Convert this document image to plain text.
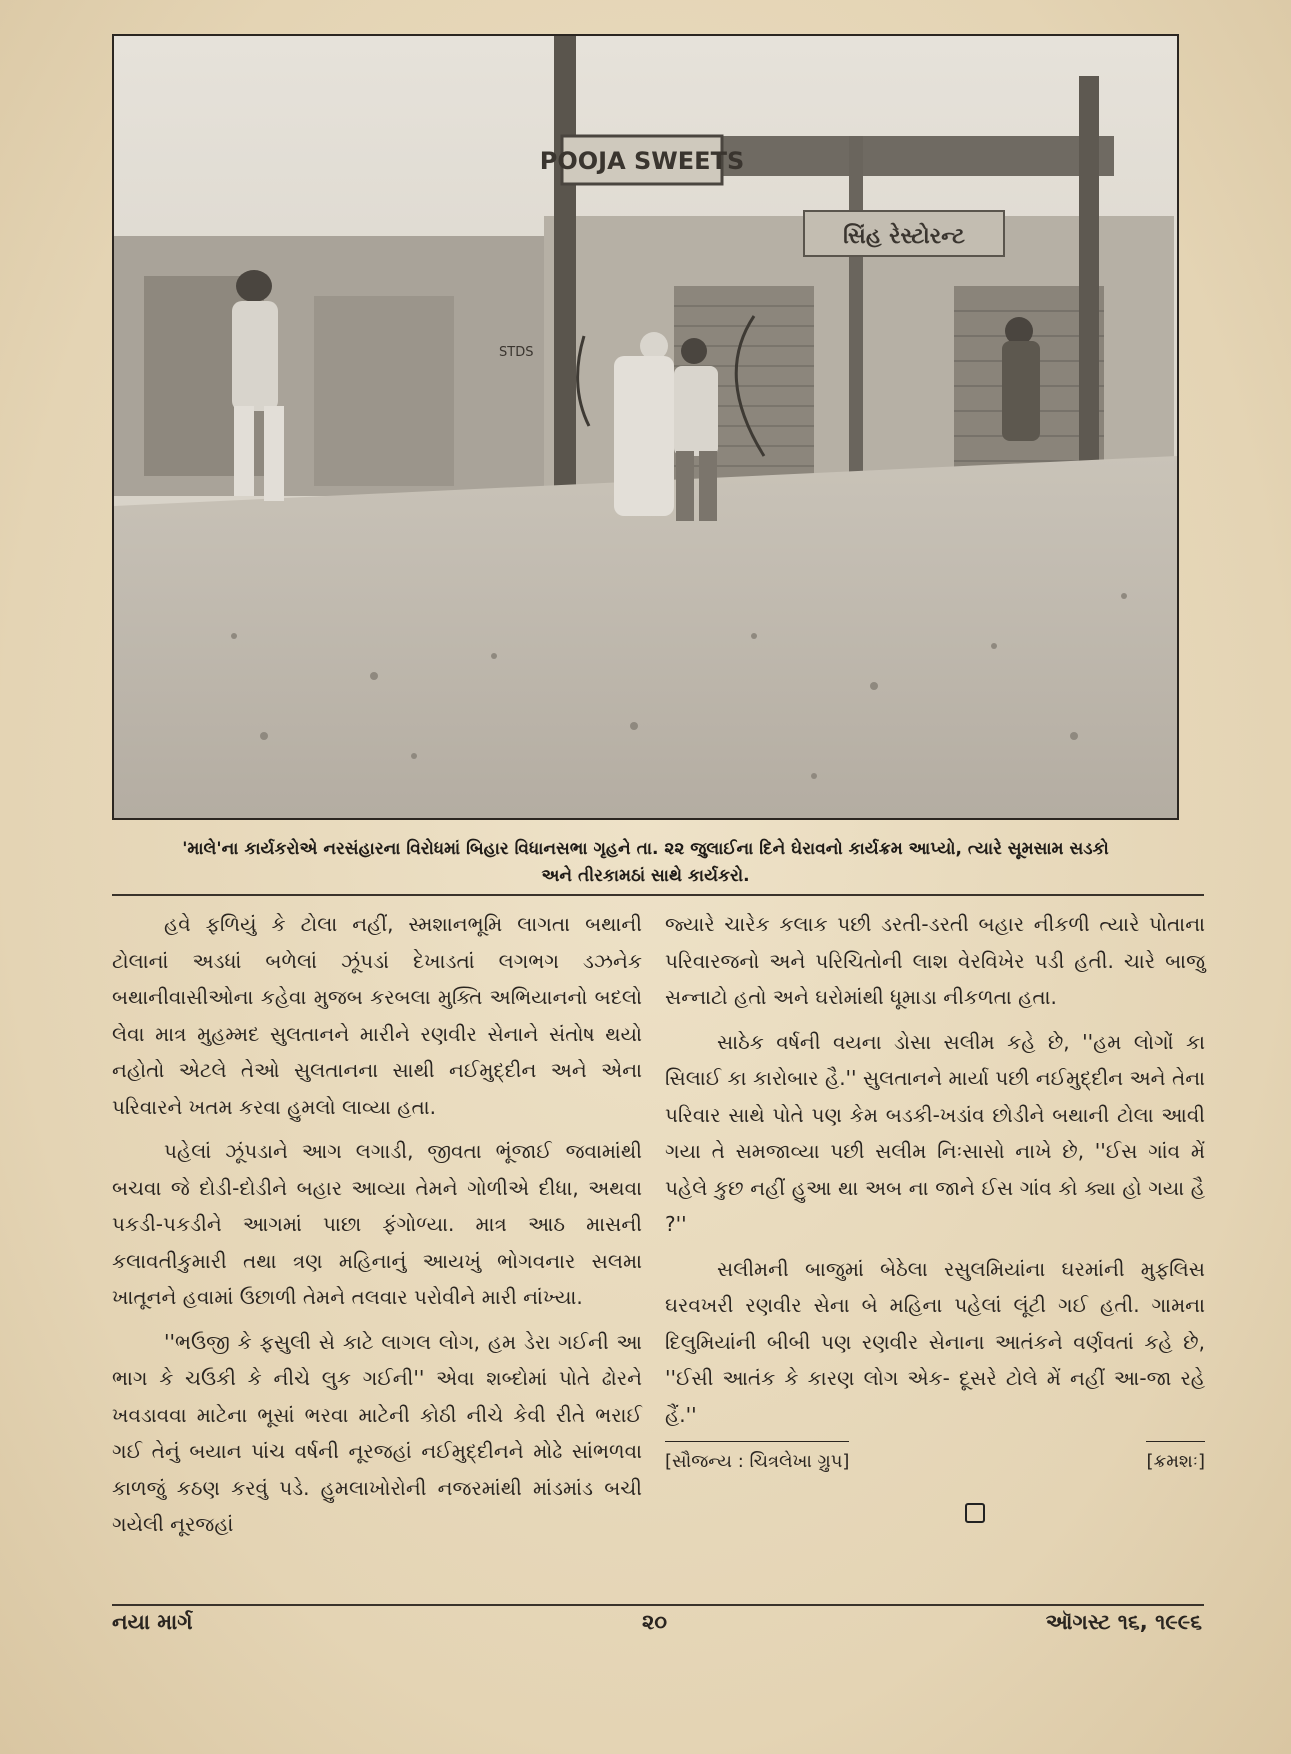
POOJA SWEETS
સિંહ રેસ્ટોરન્ટ
STDS
'માલે'ના કાર્યકરોએ નરસંહારના વિરોધમાં બિહાર વિધાનસભા ગૃહને તા. ૨૨ જુલાઈના દિને ઘેરાવનો કાર્યક્રમ આપ્યો, ત્યારે સૂમસામ સડકો
અને તીરકામઠાં સાથે કાર્યકરો.

હવે ફળિયું કે ટોલા નહીં, સ્મશાનભૂમિ લાગતા બથાની ટોલાનાં અડધાં બળેલાં ઝૂંપડાં દેખાડતાં લગભગ ડઝનેક બથાનીવાસીઓના કહેવા મુજબ કરબલા મુક્તિ અભિયાનનો બદલો લેવા માત્ર મુહમ્મદ સુલતાનને મારીને રણવીર સેનાને સંતોષ થયો નહોતો એટલે તેઓ સુલતાનના સાથી નઈમુદ્દીન અને એના પરિવારને ખતમ કરવા હુમલો લાવ્યા હતા.

પહેલાં ઝૂંપડાને આગ લગાડી, જીવતા ભૂંજાઈ જવામાંથી બચવા જે દોડી-દોડીને બહાર આવ્યા તેમને ગોળીએ દીધા, અથવા પકડી-પકડીને આગમાં પાછા ફંગોળ્યા. માત્ર આઠ માસની કલાવતીકુમારી તથા ત્રણ મહિનાનું આયખું ભોગવનાર સલમા ખાતૂનને હવામાં ઉછાળી તેમને તલવાર પરોવીને મારી નાંખ્યા.

''ભઉજી કે ફસુલી સે કાટે લાગલ લોગ, હમ ડેરા ગઈની આ ભાગ કે ચઉકી કે નીચે લુક ગઈની'' એવા શબ્દોમાં પોતે ઢોરને ખવડાવવા માટેના ભૂસાં ભરવા માટેની કોઠી નીચે કેવી રીતે ભરાઈ ગઈ તેનું બયાન પાંચ વર્ષની નૂરજહાં નઈમુદ્દીનને મોઢે સાંભળવા કાળજું કઠણ કરવું પડે. હુમલાખોરોની નજરમાંથી માંડમાંડ બચી ગયેલી નૂરજહાં

જ્યારે ચારેક કલાક પછી ડરતી-ડરતી બહાર નીકળી ત્યારે પોતાના પરિવારજનો અને પરિચિતોની લાશ વેરવિખેર પડી હતી. ચારે બાજુ સન્નાટો હતો અને ઘરોમાંથી ધૂમાડા નીકળતા હતા.

સાઠેક વર્ષની વયના ડોસા સલીમ કહે છે, ''હમ લોગોં કા સિલાઈ કા કારોબાર હૈ.'' સુલતાનને માર્યા પછી નઈમુદ્દીન અને તેના પરિવાર સાથે પોતે પણ કેમ બડકી-ખડાંવ છોડીને બથાની ટોલા આવી ગયા તે સમજાવ્યા પછી સલીમ નિઃસાસો નાખે છે, ''ઈસ ગાંવ મેં પહેલે કુછ નહીં હુઆ થા અબ ના જાને ઈસ ગાંવ કો ક્યા હો ગયા હૈ ?''

સલીમની બાજુમાં બેઠેલા રસુલમિયાંના ઘરમાંની મુફલિસ ઘરવખરી રણવીર સેના બે મહિના પહેલાં લૂંટી ગઈ હતી. ગામના દિલુમિયાંની બીબી પણ રણવીર સેનાના આતંકને વર્ણવતાં કહે છે, ''ઈસી આતંક કે કારણ લોગ એક- દૂસરે ટોલે મેં નહીં આ-જા રહે હૈં.''

[સૌજન્ય : ચિત્રલેખા ગ્રુપ]	[ક્રમશઃ]
નયા માર્ગ	૨૦	ઑગસ્ટ ૧૬, ૧૯૯૬
